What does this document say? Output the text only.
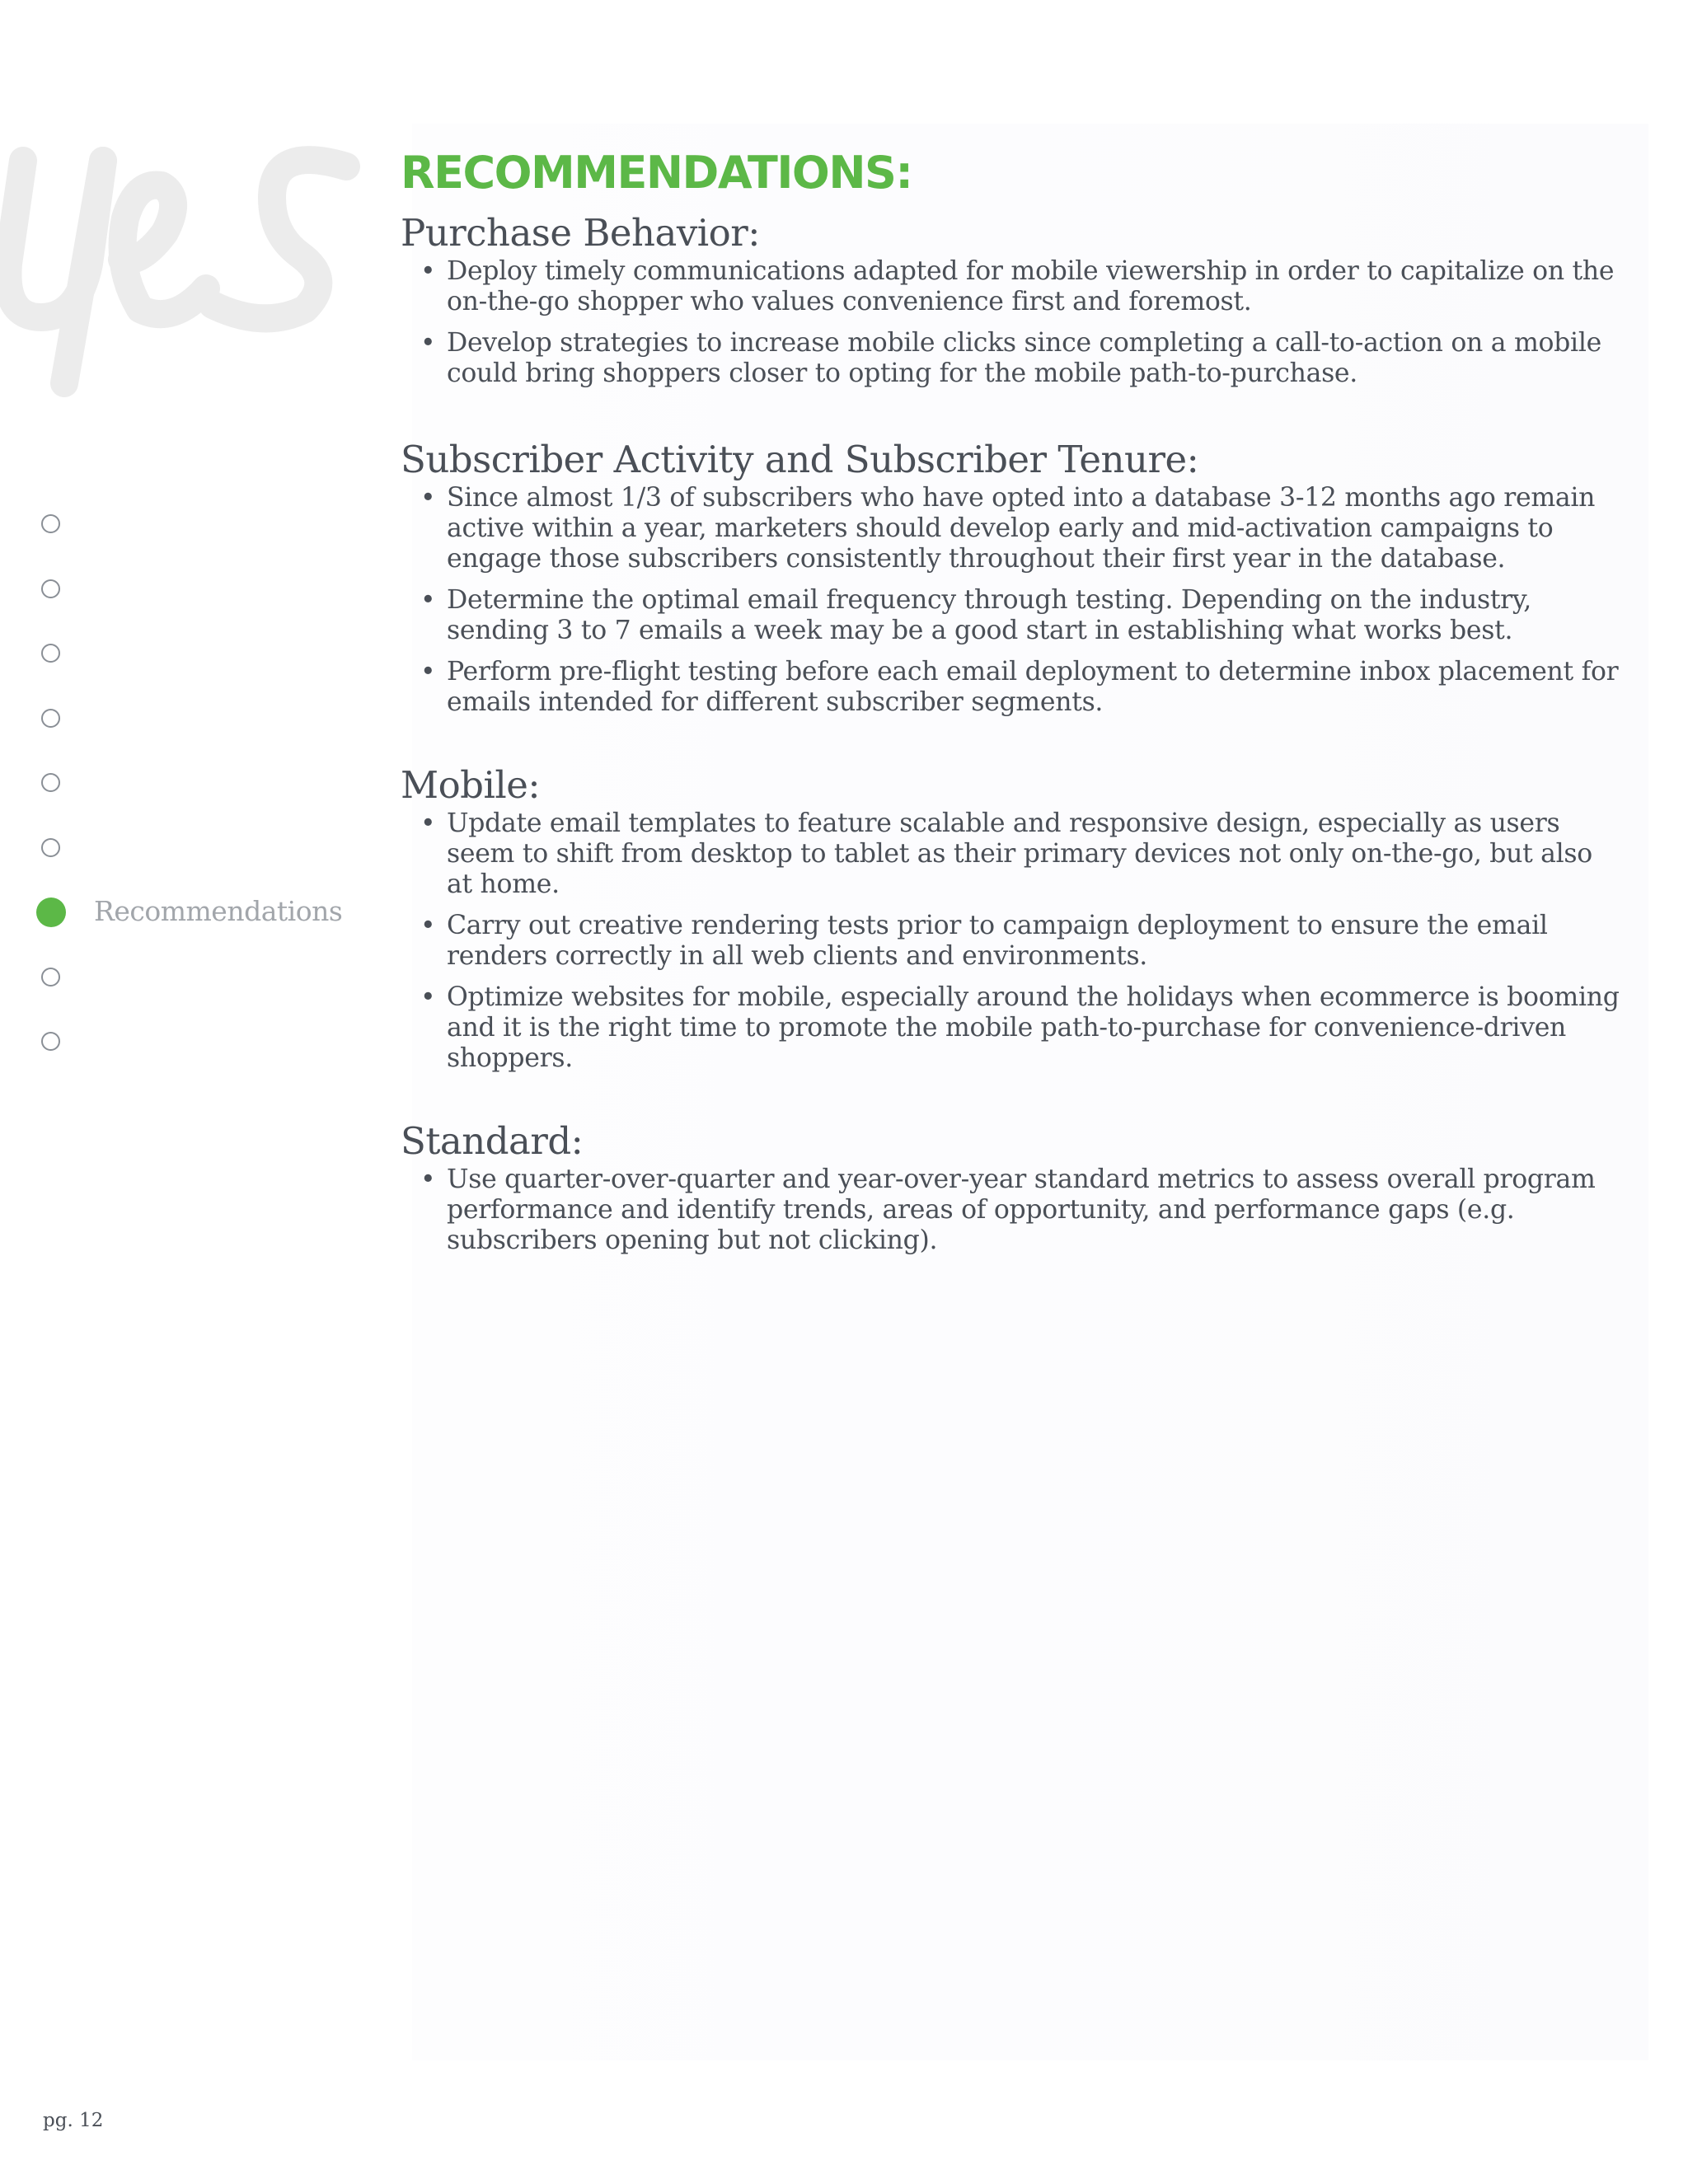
Recommendations
RECOMMENDATIONS:
Purchase Behavior:
• Deploy timely communications adapted for mobile viewership in order to capitalize on the on-the-go shopper who values convenience first and foremost.
• Develop strategies to increase mobile clicks since completing a call-to-action on a mobile could bring shoppers closer to opting for the mobile path-to-purchase.
Subscriber Activity and Subscriber Tenure:
• Since almost 1/3 of subscribers who have opted into a database 3-12 months ago remain active within a year, marketers should develop early and mid-activation campaigns to engage those subscribers consistently throughout their first year in the database.
• Determine the optimal email frequency through testing. Depending on the industry, sending 3 to 7 emails a week may be a good start in establishing what works best.
• Perform pre-flight testing before each email deployment to determine inbox placement for emails intended for different subscriber segments.
Mobile:
• Update email templates to feature scalable and responsive design, especially as users seem to shift from desktop to tablet as their primary devices not only on-the-go, but also at home.
• Carry out creative rendering tests prior to campaign deployment to ensure the email renders correctly in all web clients and environments.
• Optimize websites for mobile, especially around the holidays when ecommerce is booming and it is the right time to promote the mobile path-to-purchase for convenience-driven shoppers.
Standard:
• Use quarter-over-quarter and year-over-year standard metrics to assess overall program performance and identify trends, areas of opportunity, and performance gaps (e.g. subscribers opening but not clicking).
pg. 12
